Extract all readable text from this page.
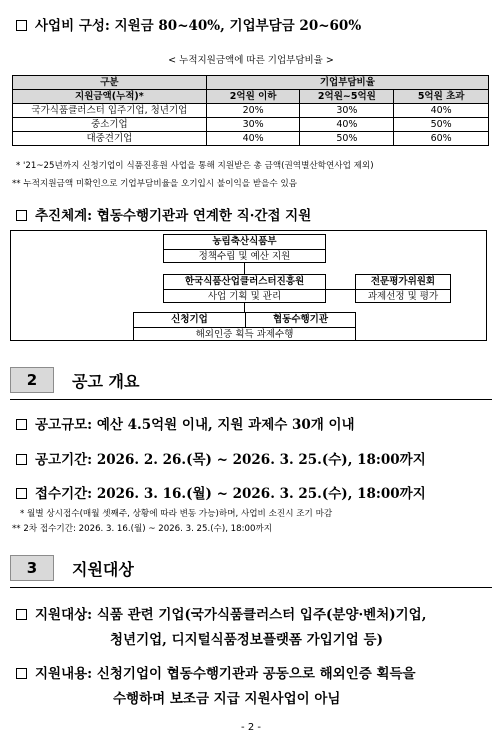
사업비 구성: 지원금 80~40%, 기업부담금 20~60%
< 누적지원금액에 따른 기업부담비율 >
구분	기업부담비율		
지원금액(누적)*	2억원 이하	2억원~5억원	5억원 초과
국가식품클러스터 입주기업, 청년기업	20%	30%	40%
중소기업	30%	40%	50%
대중견기업	40%	50%	60%
* '21~25년까지 신청기업이 식품진흥원 사업을 통해 지원받은 총 금액(권역별산학연사업 제외)
** 누적지원금액 미확인으로 기업부담비율을 오기입시 불이익을 받을수 있음
추진체계: 협동수행기관과 연계한 직·간접 지원
농림축산식품부
정책수립 및 예산 지원
한국식품산업클러스터진흥원
사업 기획 및 관리
전문평가위원회
과제선정 및 평가
신청기업	협동수행기관
해외인증 획득 과제수행
2	공고 개요
공고규모: 예산 4.5억원 이내, 지원 과제수 30개 이내
공고기간: 2026. 2. 26.(목) ~ 2026. 3. 25.(수), 18:00까지
접수기간: 2026. 3. 16.(월) ~ 2026. 3. 25.(수), 18:00까지
* 월별 상시접수(매월 셋째주, 상황에 따라 변동 가능)하며, 사업비 소진시 조기 마감
** 2차 접수기간: 2026. 3. 16.(월) ~ 2026. 3. 25.(수), 18:00까지
3	지원대상
지원대상: 식품 관련 기업(국가식품클러스터 입주(분양·벤처)기업,
청년기업, 디지털식품정보플랫폼 가입기업 등)
지원내용: 신청기업이 협동수행기관과 공동으로 해외인증 획득을
수행하며 보조금 지급 지원사업이 아님
- 2 -
